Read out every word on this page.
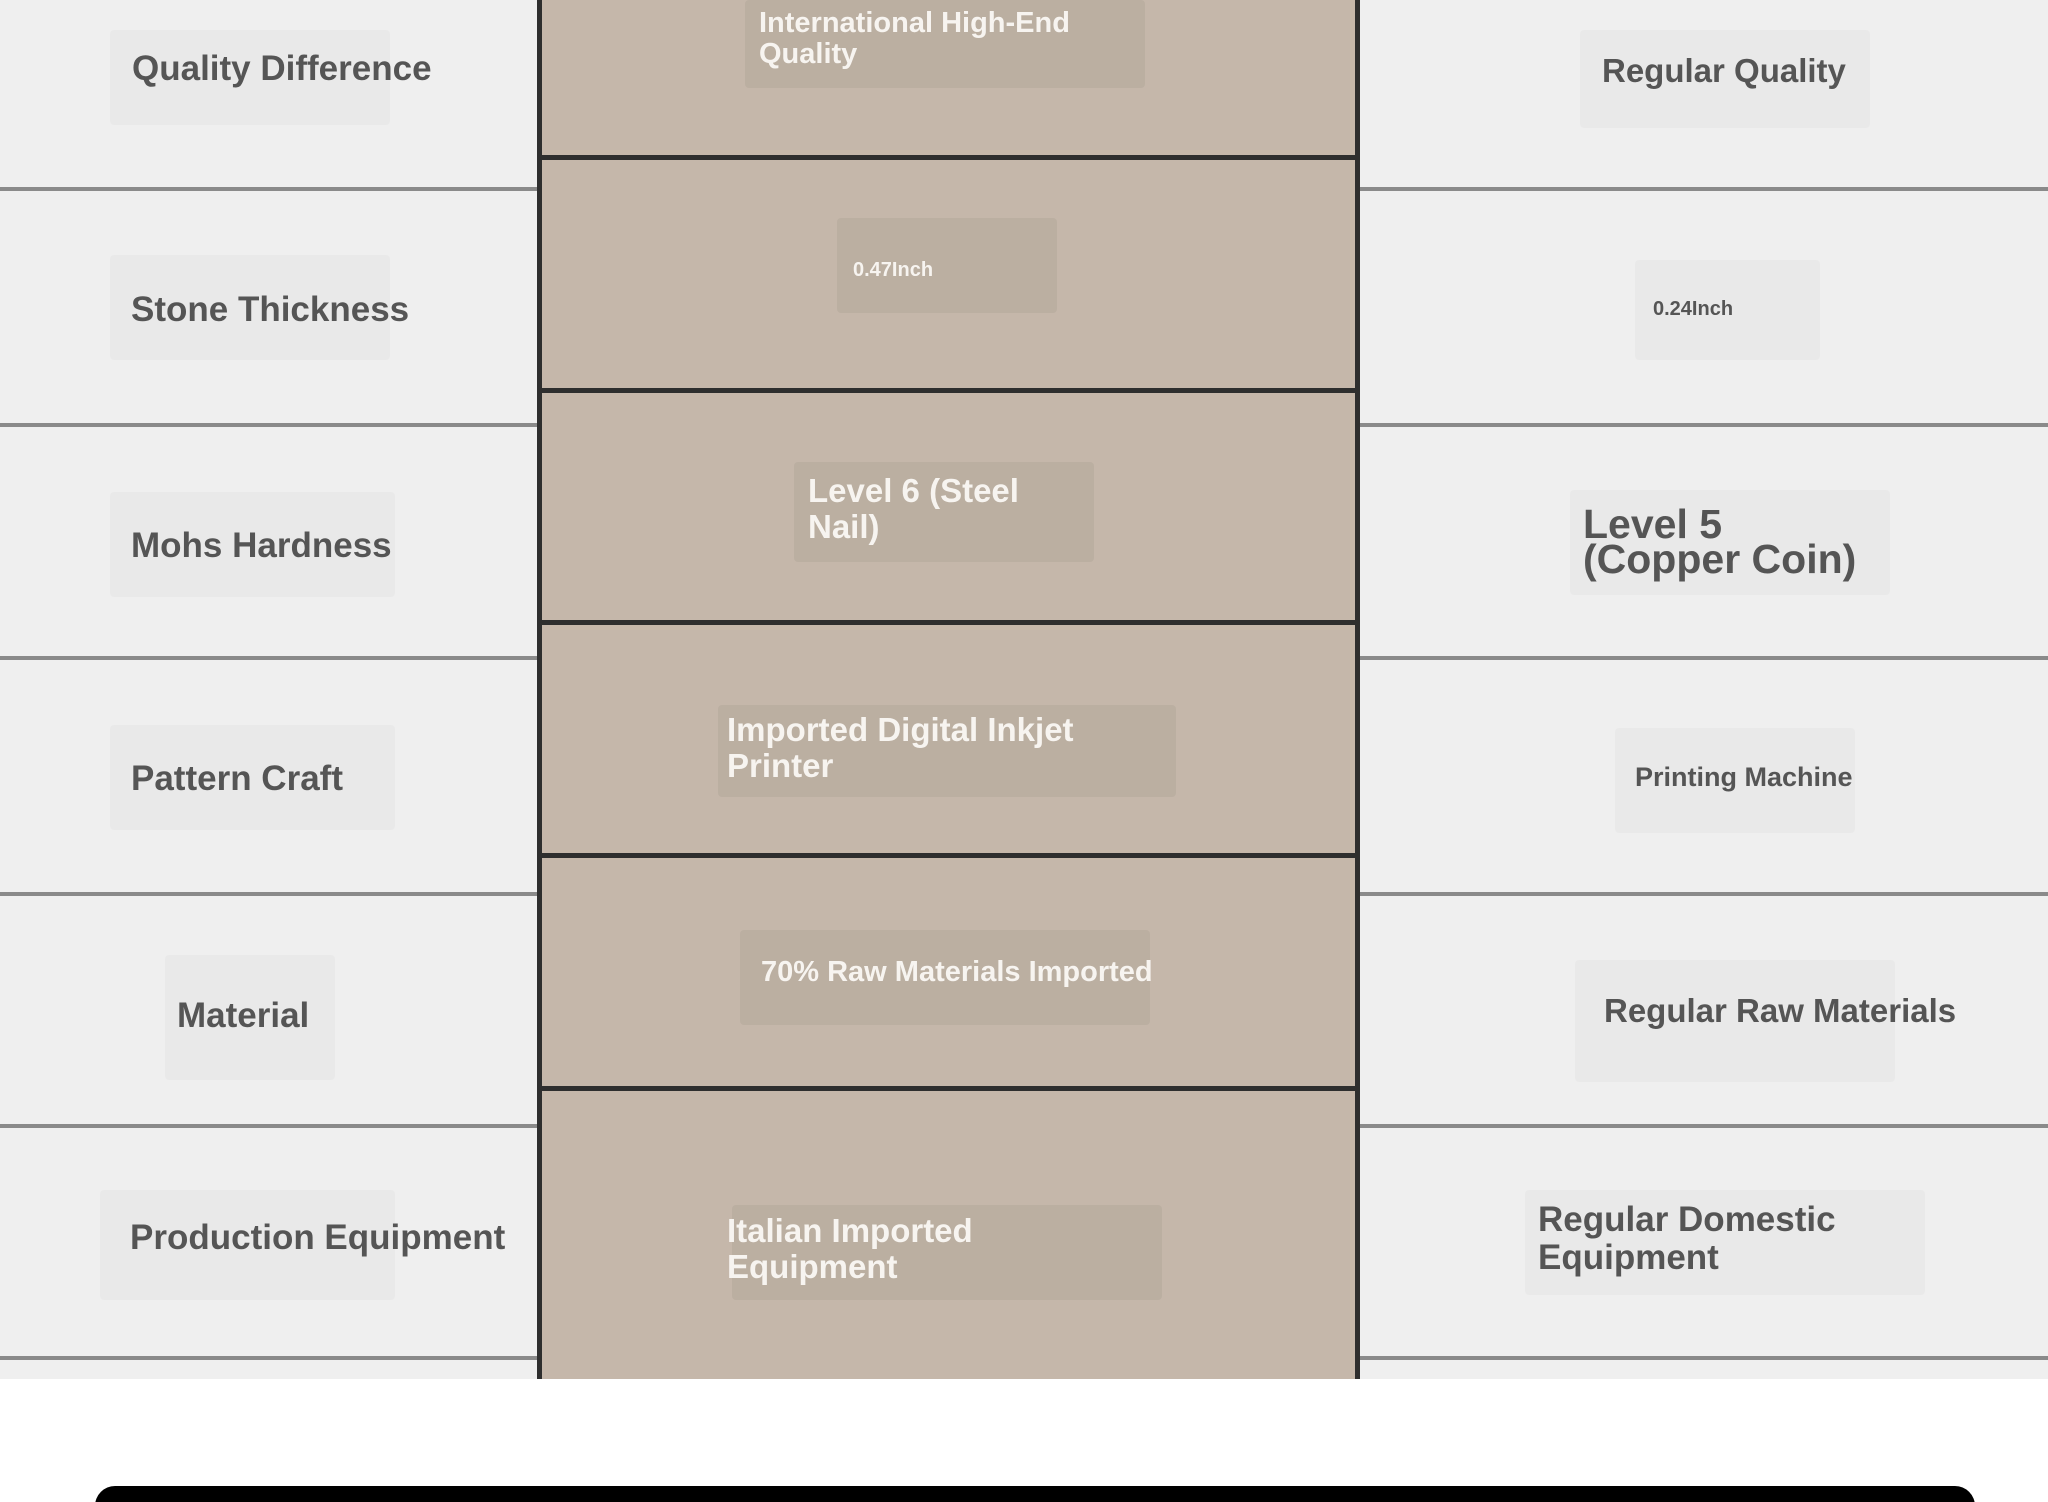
Quality Difference
Stone Thickness
Mohs Hardness
Pattern Craft
Material
Production Equipment
International High-End Quality
0.47Inch
Level 6 (Steel Nail)
Imported Digital Inkjet Printer
70% Raw Materials Imported
Italian Imported Equipment
Regular Quality
0.24Inch
Level 5 (Copper Coin)
Printing Machine
Regular Raw Materials
Regular Domestic Equipment
